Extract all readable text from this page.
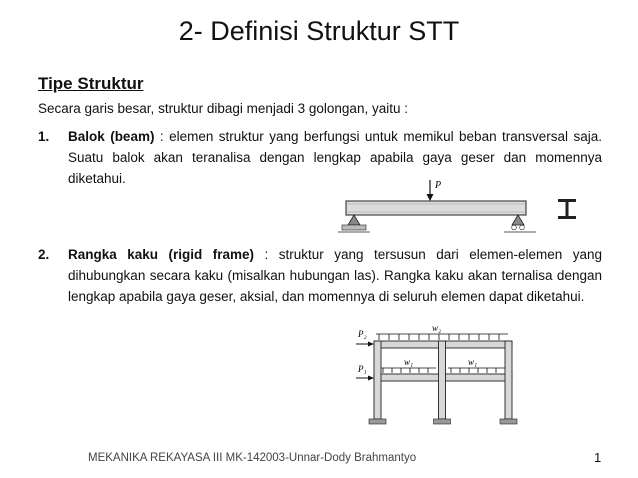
2- Definisi Struktur STT
Tipe Struktur
Secara garis besar, struktur dibagi menjadi 3 golongan, yaitu :
1. Balok (beam) : elemen struktur yang berfungsi untuk memikul beban transversal saja. Suatu balok akan teranalisa dengan lengkap apabila gaya geser dan momennya diketahui.
2. Rangka kaku (rigid frame) : struktur yang tersusun dari elemen-elemen yang dihubungkan secara kaku (misalkan hubungan las). Rangka kaku akan ternalisa dengan lengkap apabila gaya geser, aksial, dan momennya di seluruh elemen dapat diketahui.
P
w₂
P₂
w₁	w₁
P₁
MEKANIKA REKAYASA III MK-142003-Unnar-Dody Brahmantyo	1
